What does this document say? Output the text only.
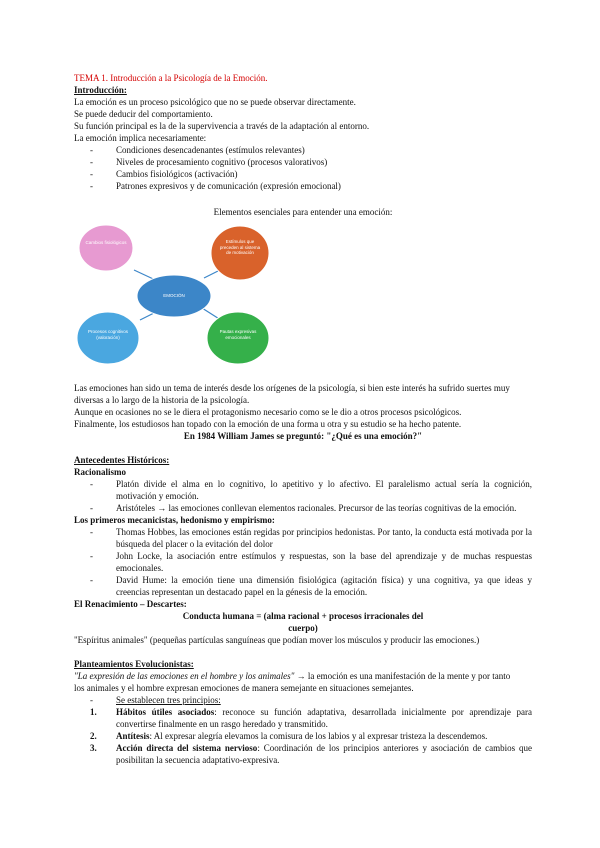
TEMA 1. Introducción a la Psicología de la Emoción.
Introducción:
La emoción es un proceso psicológico que no se puede observar directamente.
Se puede deducir del comportamiento.
Su función principal es la de la supervivencia a través de la adaptación al entorno.
La emoción implica necesariamente:
-	Condiciones desencadenantes (estímulos relevantes)
-	Niveles de procesamiento cognitivo (procesos valorativos)
-	Cambios fisiológicos (activación)
-	Patrones expresivos y de comunicación (expresión emocional)
Elementos esenciales para entender una emoción:
Cambios fisiológicos	Estímulos que preceden al sistema de motivación
Procesos cognitivos (valoración)
Pautas expresivas emocionales
EMOCIÓN
Las emociones han sido un tema de interés desde los orígenes de la psicología, si bien este interés ha sufrido suertes muy
diversas a lo largo de la historia de la psicología.
Aunque en ocasiones no se le diera el protagonismo necesario como se le dio a otros procesos psicológicos.
Finalmente, los estudiosos han topado con la emoción de una forma u otra y su estudio se ha hecho patente.
En 1984 William James se preguntó: "¿Qué es una emoción?"
Antecedentes Históricos:
Racionalismo
-	Platón divide el alma en lo cognitivo, lo apetitivo y lo afectivo. El paralelismo actual sería la cognición, motivación y emoción.
-	Aristóteles → las emociones conllevan elementos racionales. Precursor de las teorías cognitivas de la emoción.
Los primeros mecanicistas, hedonismo y empirismo:
-	Thomas Hobbes, las emociones están regidas por principios hedonistas. Por tanto, la conducta está motivada por la búsqueda del placer o la evitación del dolor
-	John Locke, la asociación entre estímulos y respuestas, son la base del aprendizaje y de muchas respuestas emocionales.
-	David Hume: la emoción tiene una dimensión fisiológica (agitación física) y una cognitiva, ya que ideas y creencias representan un destacado papel en la génesis de la emoción.
El Renacimiento – Descartes:
Conducta humana = (alma racional + procesos irracionales del
cuerpo)
"Espíritus animales" (pequeñas partículas sanguíneas que podían mover los músculos y producir las emociones.)
Planteamientos Evolucionistas:
"La expresión de las emociones en el hombre y los animales" → la emoción es una manifestación de la mente y por tanto
los animales y el hombre expresan emociones de manera semejante en situaciones semejantes.
-	Se establecen tres principios:
1. Hábitos útiles asociados: reconoce su función adaptativa, desarrollada inicialmente por aprendizaje para convertirse finalmente en un rasgo heredado y transmitido.
2. Antítesis: Al expresar alegría elevamos la comisura de los labios y al expresar tristeza la descendemos.
3. Acción directa del sistema nervioso: Coordinación de los principios anteriores y asociación de cambios que posibilitan la secuencia adaptativo-expresiva.
